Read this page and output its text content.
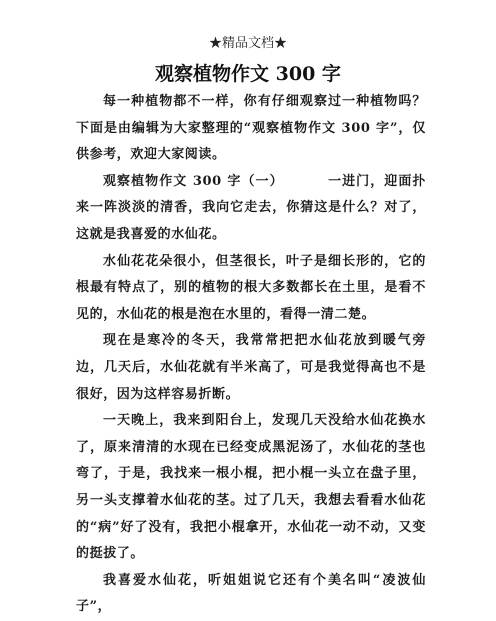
★精品文档★
观察植物作文 300 字

每一种植物都不一样，你有仔细观察过一种植物吗？下面是由编辑为大家整理的“观察植物作文 300 字”，仅供参考，欢迎大家阅读。

观察植物作文 300 字（一）	一进门，迎面扑来一阵淡淡的清香，我向它走去，你猜这是什么？对了，这就是我喜爱的水仙花。

水仙花花朵很小，但茎很长，叶子是细长形的，它的根最有特点了，别的植物的根大多数都长在土里，是看不见的，水仙花的根是泡在水里的，看得一清二楚。

现在是寒冷的冬天，我常常把把水仙花放到暖气旁边，几天后，水仙花就有半米高了，可是我觉得高也不是很好，因为这样容易折断。

一天晚上，我来到阳台上，发现几天没给水仙花换水了，原来清清的水现在已经变成黑泥汤了，水仙花的茎也弯了，于是，我找来一根小棍，把小棍一头立在盘子里，另一头支撑着水仙花的茎。过了几天，我想去看看水仙花的“病”好了没有，我把小棍拿开，水仙花一动不动，又变的挺拔了。

我喜爱水仙花，听姐姐说它还有个美名叫“凌波仙子”，
